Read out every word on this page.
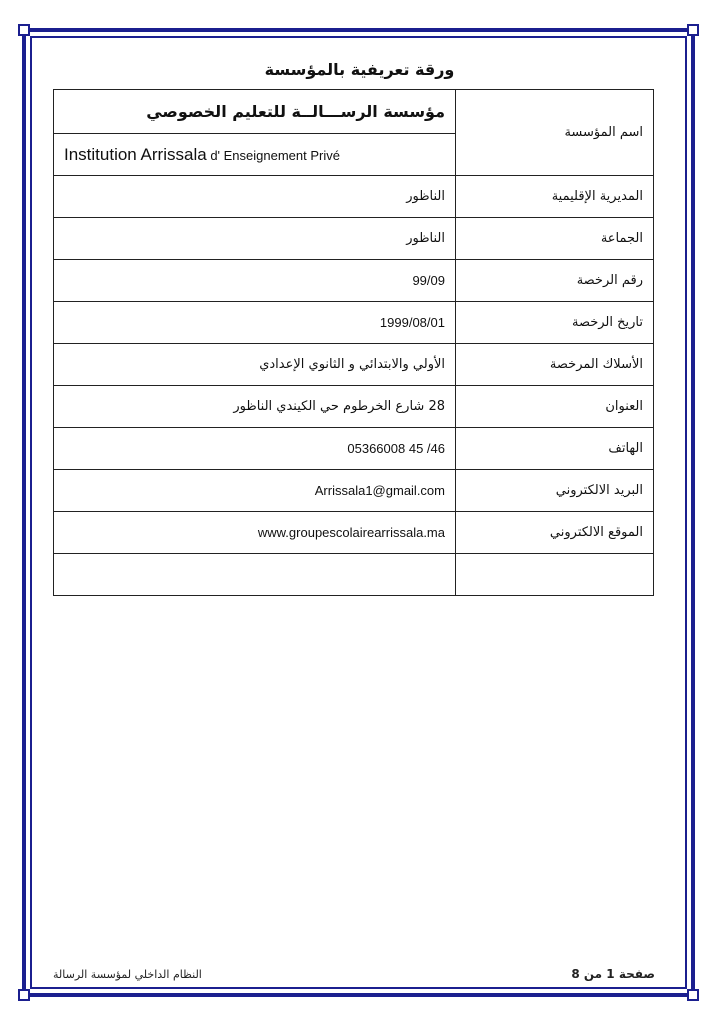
ورقة تعريفية بالمؤسسة
مؤسسة الرســـالــة للتعليم الخصوصي	اسم المؤسسة
Institution Arrissala d' Enseignement Privé	
الناظور	المديرية الإقليمية
الناظور	الجماعة
99/09	رقم الرخصة
1999/08/01	تاريخ الرخصة
الأولي والابتدائي و الثانوي الإعدادي	الأسلاك المرخصة
28 شارع الخرطوم حي الكيندي الناظور	العنوان
05366008 45 /46	الهاتف
Arrissala1@gmail.com	البريد الالكتروني
www.groupescolairearrissala.ma	الموقع الالكتروني

النظام الداخلي لمؤسسة الرسالة	صفحة 1 من 8
